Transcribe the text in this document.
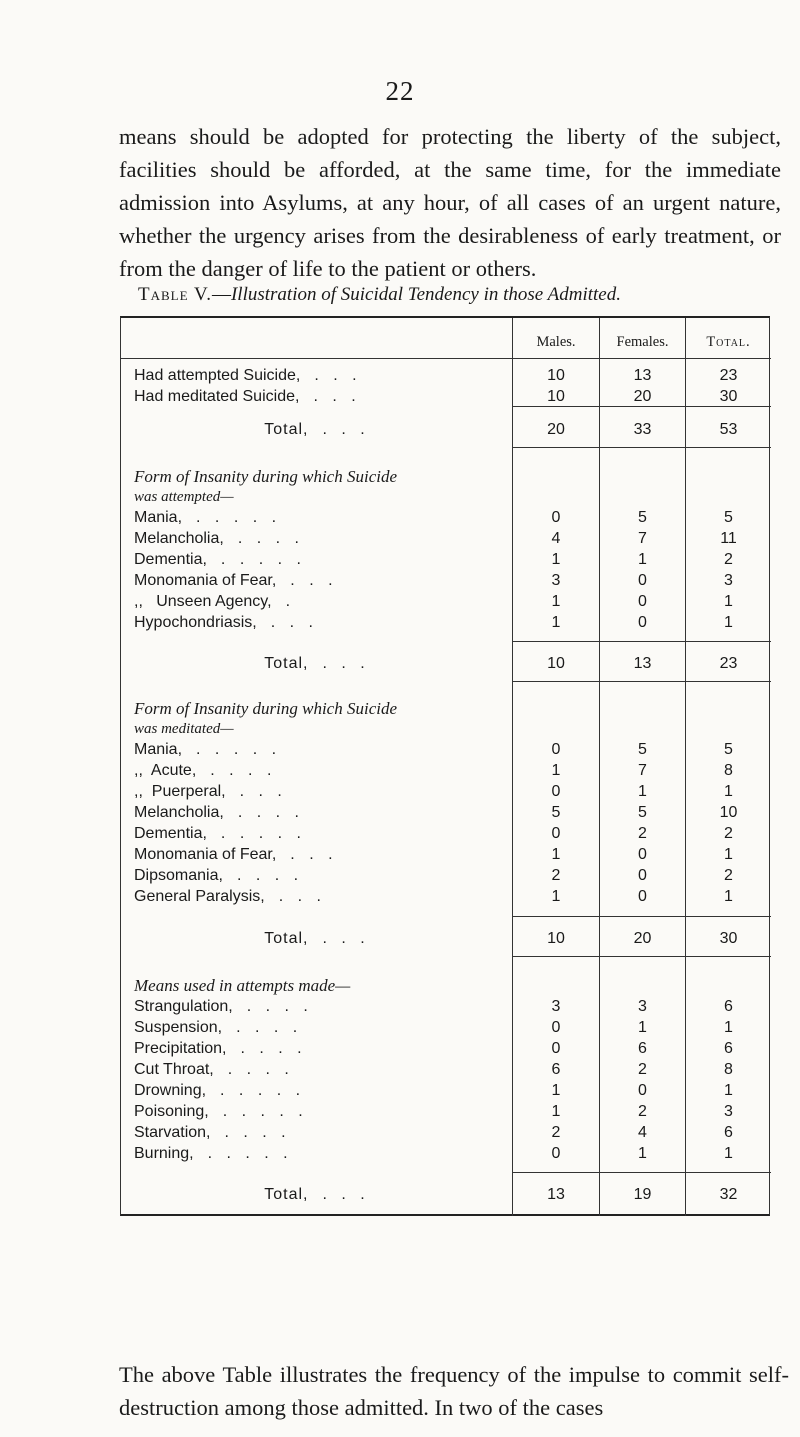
22

means should be adopted for protecting the liberty of the subject, facilities should be afforded, at the same time, for the immediate admission into Asylums, at any hour, of all cases of an urgent nature, whether the urgency arises from the desirableness of early treatment, or from the danger of life to the patient or others.

Table V.—Illustration of Suicidal Tendency in those Admitted.
Males.	Females.	Total.
Had attempted Suicide, . . .	10	13	23
Had meditated Suicide, . . .	10	20	30
Total, . . .	20	33	53
Form of Insanity during which Suicide
was attempted—
Mania, . . . . .	0	5	5
Melancholia, . . . .	4	7	11
Dementia, . . . . .	1	1	2
Monomania of Fear, . . .	3	0	3
,,   Unseen Agency, .	1	0	1
Hypochondriasis, . . .	1	0	1
Total, . . .	10	13	23
Form of Insanity during which Suicide
was meditated—
Mania, . . . . .	0	5	5
,,  Acute, . . . .	1	7	8
,,  Puerperal, . . .	0	1	1
Melancholia, . . . .	5	5	10
Dementia, . . . . .	0	2	2
Monomania of Fear, . . .	1	0	1
Dipsomania, . . . .	2	0	2
General Paralysis, . . .	1	0	1
Total, . . .	10	20	30
Means used in attempts made—
Strangulation, . . . .	3	3	6
Suspension, . . . .	0	1	1
Precipitation, . . . .	0	6	6
Cut Throat, . . . .	6	2	8
Drowning, . . . . .	1	0	1
Poisoning, . . . . .	1	2	3
Starvation, . . . .	2	4	6
Burning, . . . . .	0	1	1
Total, . . .	13	19	32
The above Table illustrates the frequency of the impulse to commit self-destruction among those admitted. In two of the cases
